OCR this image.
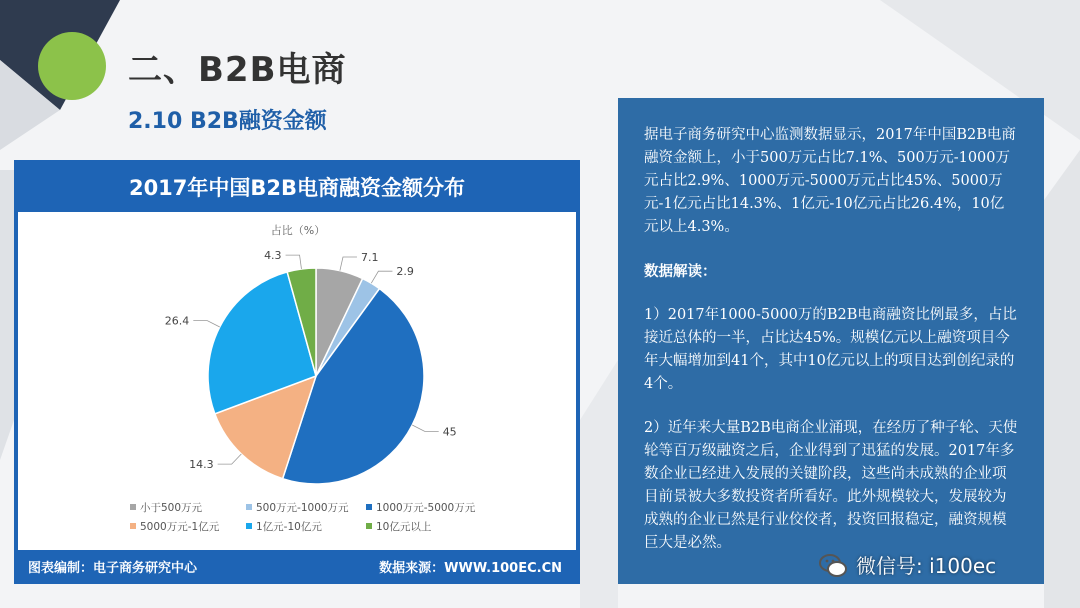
二、B2B电商
2.10 B2B融资金额
2017年中国B2B电商融资金额分布
占比（%）
7.1
2.9
45
14.3
26.4
4.3
小于500万元	500万元-1000万元	1000万元-5000万元
5000万元-1亿元	1亿元-10亿元	10亿元以上
图表编制：电子商务研究中心	数据来源：WWW.100EC.CN

据电子商务研究中心监测数据显示，2017年中国B2B电商融资金额上，小于500万元占比7.1%、500万元-1000万元占比2.9%、1000万元-5000万元占比45%、5000万元-1亿元占比14.3%、1亿元-10亿元占比26.4%，10亿元以上4.3%。

数据解读：

1）2017年1000-5000万的B2B电商融资比例最多，占比接近总体的一半，占比达45%。规模亿元以上融资项目今年大幅增加到41个，其中10亿元以上的项目达到创纪录的4个。

2）近年来大量B2B电商企业涌现，在经历了种子轮、天使轮等百万级融资之后，企业得到了迅猛的发展。2017年多数企业已经进入发展的关键阶段，这些尚未成熟的企业项目前景被大多数投资者所看好。此外规模较大，发展较为成熟的企业已然是行业佼佼者，投资回报稳定，融资规模巨大是必然。

微信号: i100ec
